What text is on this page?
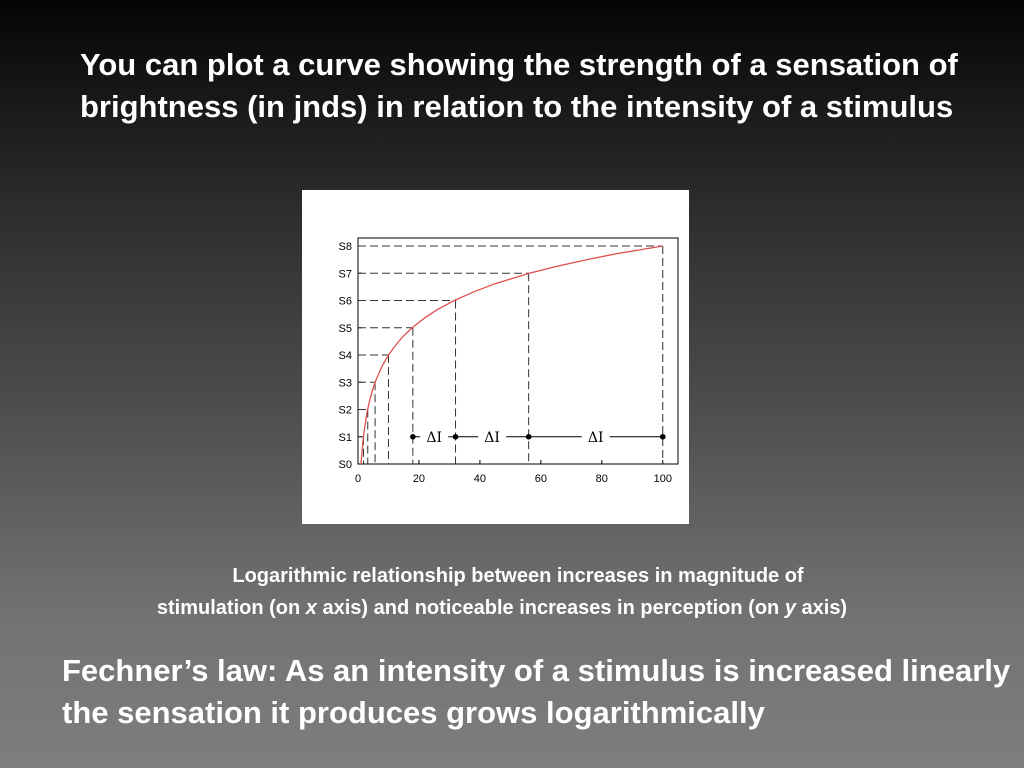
You can plot a curve showing the strength of a sensation of brightness (in jnds) in relation to the intensity of a stimulus
S0
S1
S2
S3
S4
S5
S6
S7
S8
0	20	40	60	80	100
ΔI	ΔI	ΔI

Logarithmic relationship between increases in magnitude of
stimulation (on x axis) and noticeable increases in perception (on y axis)

Fechner’s law: As an intensity of a stimulus is increased linearly the sensation it produces grows logarithmically
